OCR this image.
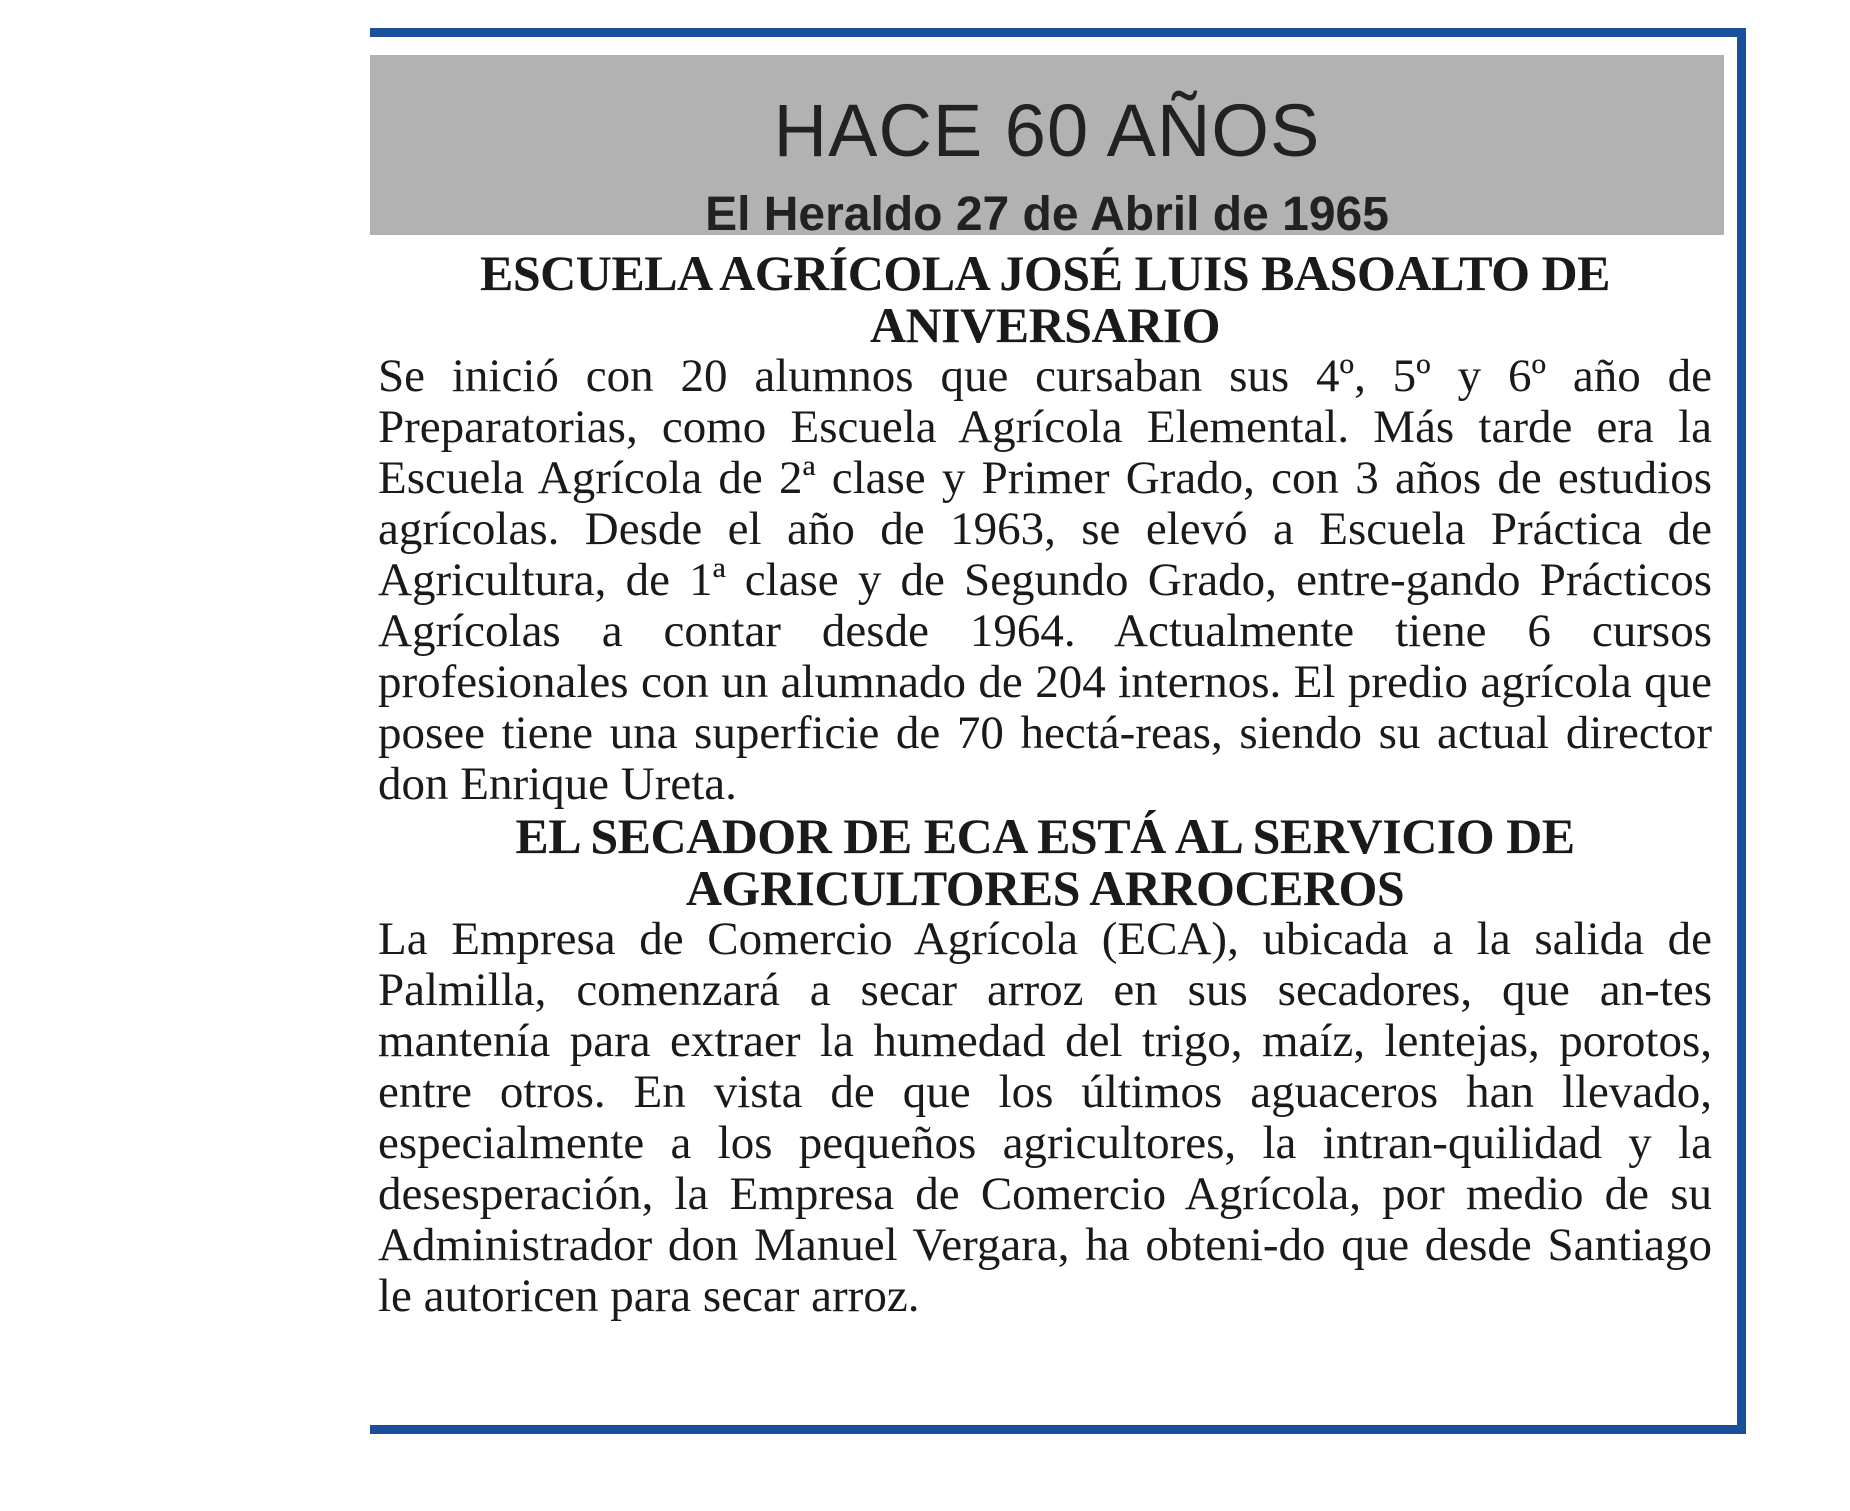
HACE 60 AÑOS
El Heraldo 27 de Abril de 1965
ESCUELA AGRÍCOLA JOSÉ LUIS BASOALTO DE ANIVERSARIO

Se inició con 20 alumnos que cursaban sus 4º, 5º y 6º año de Preparatorias, como Escuela Agrícola Elemental. Más tarde era la Escuela Agrícola de 2ª clase y Primer Grado, con 3 años de estudios agrícolas. Desde el año de 1963, se elevó a Escuela Práctica de Agricultura, de 1ª clase y de Segundo Grado, entre-gando Prácticos Agrícolas a contar desde 1964. Actualmente tiene 6 cursos profesionales con un alumnado de 204 internos. El predio agrícola que posee tiene una superficie de 70 hectá-reas, siendo su actual director don Enrique Ureta.

EL SECADOR DE ECA ESTÁ AL SERVICIO DE AGRICULTORES ARROCEROS

La Empresa de Comercio Agrícola (ECA), ubicada a la salida de Palmilla, comenzará a secar arroz en sus secadores, que an-tes mantenía para extraer la humedad del trigo, maíz, lentejas, porotos, entre otros. En vista de que los últimos aguaceros han llevado, especialmente a los pequeños agricultores, la intran-quilidad y la desesperación, la Empresa de Comercio Agrícola, por medio de su Administrador don Manuel Vergara, ha obteni-do que desde Santiago le autoricen para secar arroz.
